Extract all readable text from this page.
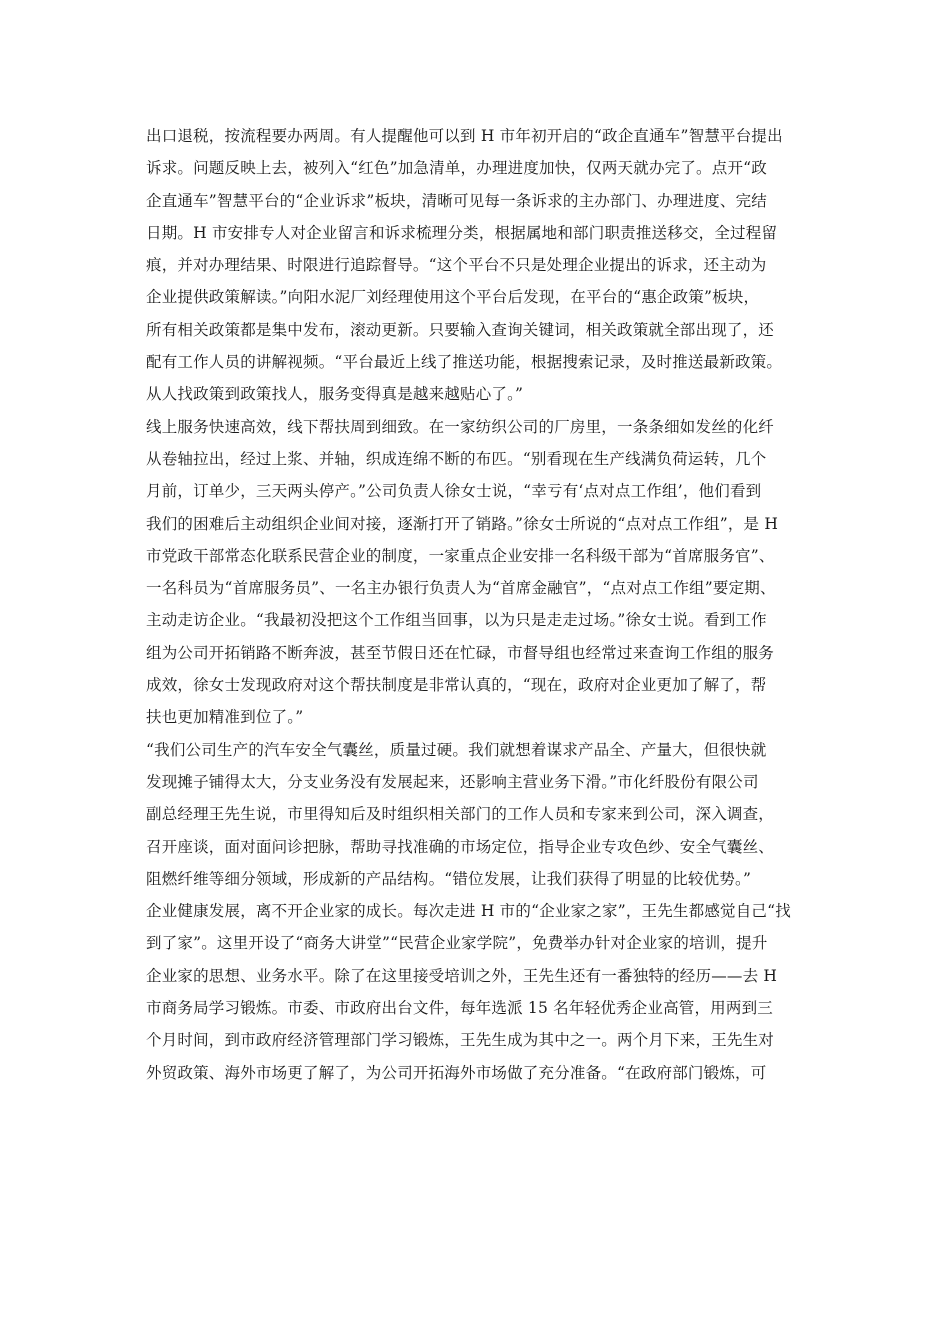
出口退税，按流程要办两周。有人提醒他可以到 H 市年初开启的“政企直通车”智慧平台提出
诉求。问题反映上去，被列入“红色”加急清单，办理进度加快，仅两天就办完了。点开“政
企直通车”智慧平台的“企业诉求”板块，清晰可见每一条诉求的主办部门、办理进度、完结
日期。H 市安排专人对企业留言和诉求梳理分类，根据属地和部门职责推送移交，全过程留
痕，并对办理结果、时限进行追踪督导。“这个平台不只是处理企业提出的诉求，还主动为
企业提供政策解读。”向阳水泥厂刘经理使用这个平台后发现，在平台的“惠企政策”板块，
所有相关政策都是集中发布，滚动更新。只要输入查询关键词，相关政策就全部出现了，还
配有工作人员的讲解视频。“平台最近上线了推送功能，根据搜索记录，及时推送最新政策。
从人找政策到政策找人，服务变得真是越来越贴心了。”
线上服务快速高效，线下帮扶周到细致。在一家纺织公司的厂房里，一条条细如发丝的化纤
从卷轴拉出，经过上浆、并轴，织成连绵不断的布匹。“别看现在生产线满负荷运转，几个
月前，订单少，三天两头停产。”公司负责人徐女士说，“幸亏有‘点对点工作组’，他们看到
我们的困难后主动组织企业间对接，逐渐打开了销路。”徐女士所说的“点对点工作组”，是 H
市党政干部常态化联系民营企业的制度，一家重点企业安排一名科级干部为“首席服务官”、
一名科员为“首席服务员”、一名主办银行负责人为“首席金融官”，“点对点工作组”要定期、
主动走访企业。“我最初没把这个工作组当回事，以为只是走走过场。”徐女士说。看到工作
组为公司开拓销路不断奔波，甚至节假日还在忙碌，市督导组也经常过来查询工作组的服务
成效，徐女士发现政府对这个帮扶制度是非常认真的，“现在，政府对企业更加了解了，帮
扶也更加精准到位了。”
“我们公司生产的汽车安全气囊丝，质量过硬。我们就想着谋求产品全、产量大，但很快就
发现摊子铺得太大，分支业务没有发展起来，还影响主营业务下滑。”市化纤股份有限公司
副总经理王先生说，市里得知后及时组织相关部门的工作人员和专家来到公司，深入调查，
召开座谈，面对面问诊把脉，帮助寻找准确的市场定位，指导企业专攻色纱、安全气囊丝、
阻燃纤维等细分领域，形成新的产品结构。“错位发展，让我们获得了明显的比较优势。”
企业健康发展，离不开企业家的成长。每次走进 H 市的“企业家之家”，王先生都感觉自己“找
到了家”。这里开设了“商务大讲堂”“民营企业家学院”，免费举办针对企业家的培训，提升
企业家的思想、业务水平。除了在这里接受培训之外，王先生还有一番独特的经历——去 H
市商务局学习锻炼。市委、市政府出台文件，每年选派 15 名年轻优秀企业高管，用两到三
个月时间，到市政府经济管理部门学习锻炼，王先生成为其中之一。两个月下来，王先生对
外贸政策、海外市场更了解了，为公司开拓海外市场做了充分准备。“在政府部门锻炼，可
